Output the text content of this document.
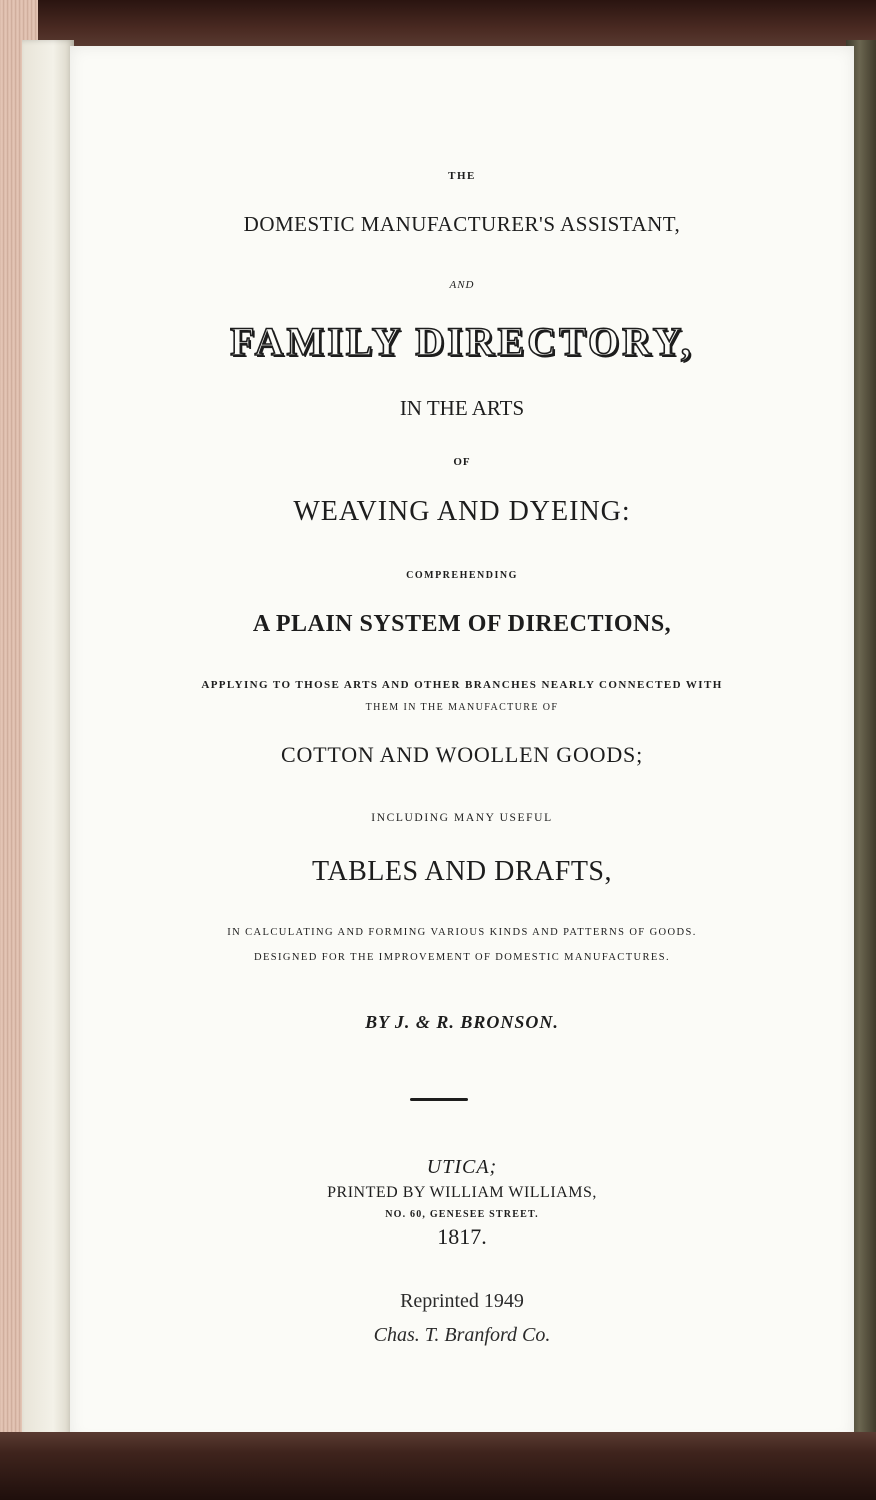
THE
DOMESTIC MANUFACTURER'S ASSISTANT,
AND
FAMILY DIRECTORY,
IN THE ARTS
OF
WEAVING AND DYEING:
COMPREHENDING
A PLAIN SYSTEM OF DIRECTIONS,
APPLYING TO THOSE ARTS AND OTHER BRANCHES NEARLY CONNECTED WITH
THEM IN THE MANUFACTURE OF
COTTON AND WOOLLEN GOODS;
INCLUDING MANY USEFUL
TABLES AND DRAFTS,
IN CALCULATING AND FORMING VARIOUS KINDS AND PATTERNS OF GOODS.
DESIGNED FOR THE IMPROVEMENT OF DOMESTIC MANUFACTURES.
BY J. & R. BRONSON.
UTICA;
PRINTED BY WILLIAM WILLIAMS,
NO. 60, GENESEE STREET.
1817.
Reprinted 1949
Chas. T. Branford Co.
